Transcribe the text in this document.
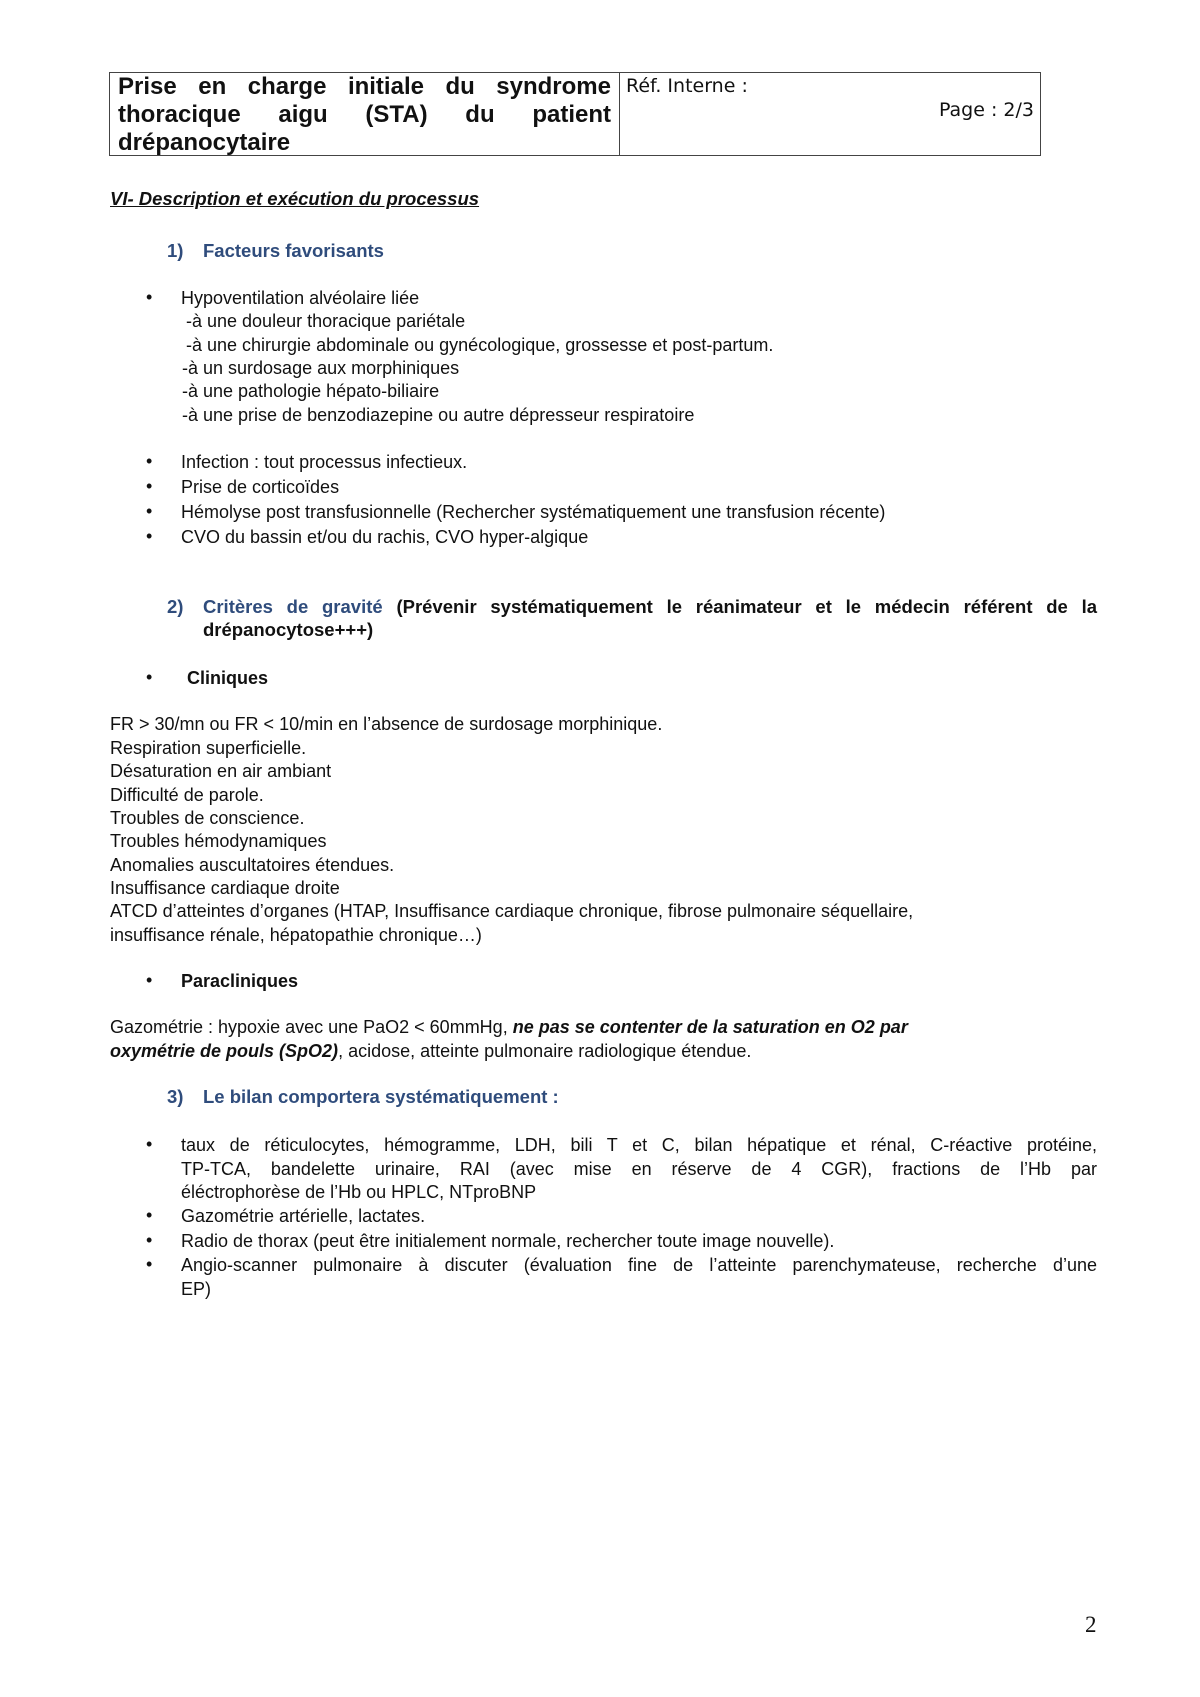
Prise en charge initiale du syndrome
thoracique aigu (STA) du patient
drépanocytaire
Réf. Interne :
Page : 2/3
VI- Description et exécution du processus
1) Facteurs favorisants
• Hypoventilation alvéolaire liée
-à une douleur thoracique pariétale
-à une chirurgie abdominale ou gynécologique, grossesse et post-partum.
-à un surdosage aux morphiniques
-à une pathologie hépato-biliaire
-à une prise de benzodiazepine ou autre dépresseur respiratoire
• Infection : tout processus infectieux.
• Prise de corticoïdes
• Hémolyse post transfusionnelle (Rechercher systématiquement une transfusion récente)
• CVO du bassin et/ou du rachis, CVO hyper-algique
2) Critères de gravité (Prévenir systématiquement le réanimateur et le médecin référent de la
drépanocytose+++)
• Cliniques
FR > 30/mn ou FR < 10/min en l’absence de surdosage morphinique.
Respiration superficielle.
Désaturation en air ambiant
Difficulté de parole.
Troubles de conscience.
Troubles hémodynamiques
Anomalies auscultatoires étendues.
Insuffisance cardiaque droite
ATCD d’atteintes d’organes (HTAP, Insuffisance cardiaque chronique, fibrose pulmonaire séquellaire,
insuffisance rénale, hépatopathie chronique…)
• Paracliniques
Gazométrie : hypoxie avec une PaO2 < 60mmHg, ne pas se contenter de la saturation en O2 par
oxymétrie de pouls (SpO2), acidose, atteinte pulmonaire radiologique étendue.
3) Le bilan comportera systématiquement :
• taux de réticulocytes, hémogramme, LDH, bili T et C, bilan hépatique et rénal, C-réactive protéine,
TP-TCA, bandelette urinaire, RAI (avec mise en réserve de 4 CGR), fractions de l’Hb par
éléctrophorèse de l’Hb ou HPLC, NTproBNP
• Gazométrie artérielle, lactates.
• Radio de thorax (peut être initialement normale, rechercher toute image nouvelle).
• Angio-scanner pulmonaire à discuter (évaluation fine de l’atteinte parenchymateuse, recherche d’une
EP)
2
